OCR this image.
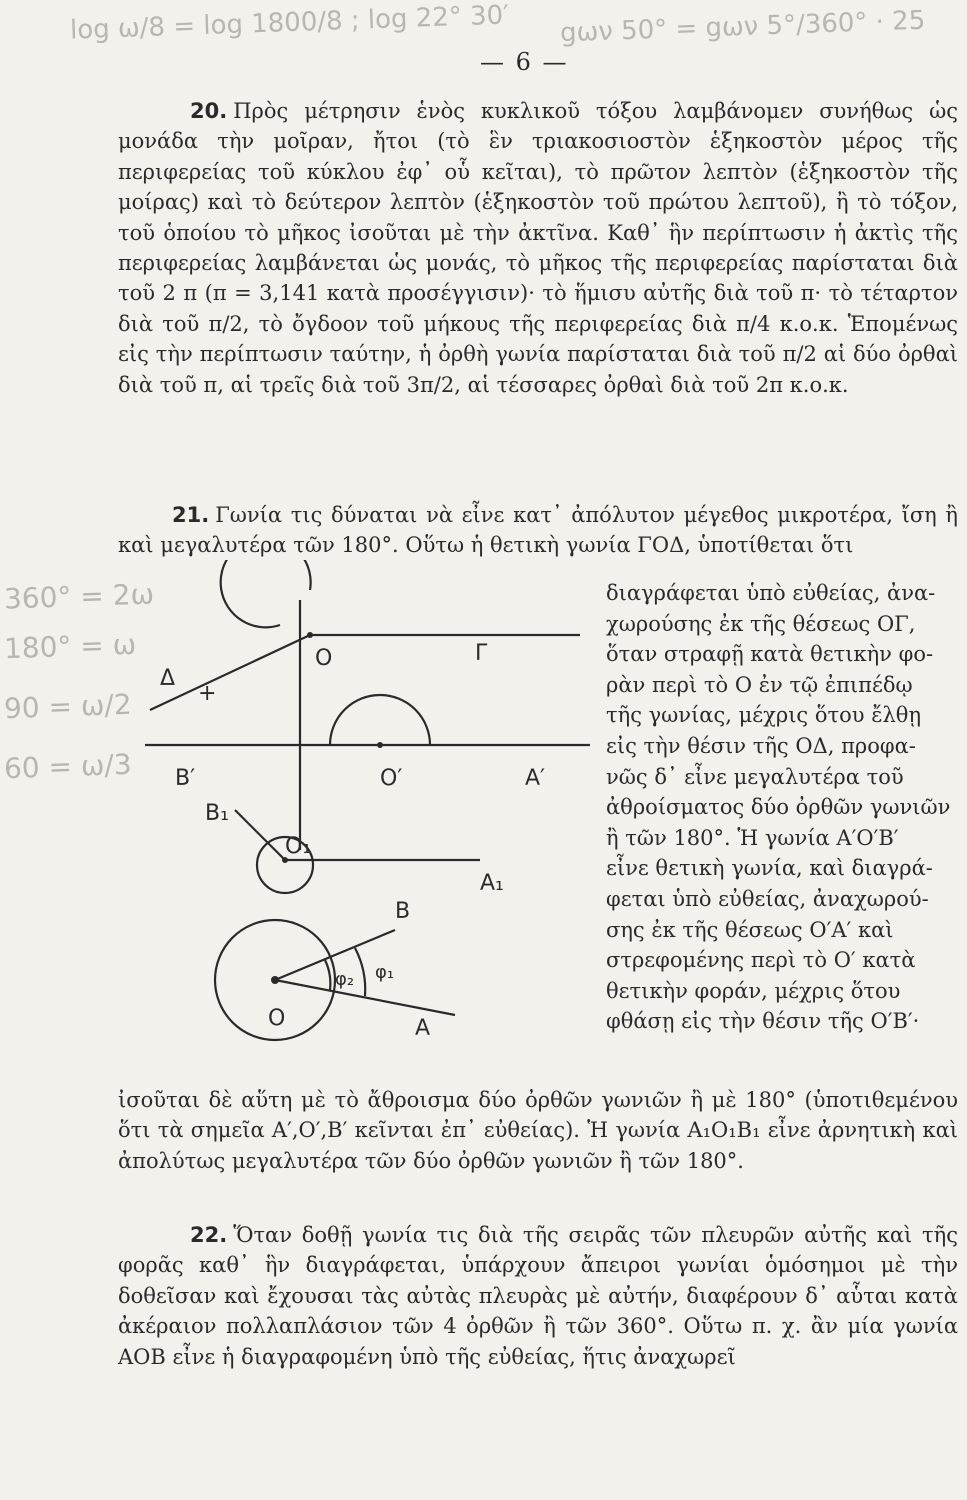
log ω/8 = log 1800/8 ; log 22° 30′ gων 50° = gων 5°/360° · 25
360° = 2ω
180° = ω
90 = ω/2
60 = ω/3
— 6 —
20. Πρὸς μέτρησιν ἑνὸς κυκλικοῦ τόξου λαμβάνομεν συνήθως ὡς μονάδα τὴν μοῖραν, ἤτοι (τὸ ἓν τριακοσιοστὸν ἑξηκοστὸν μέρος τῆς περιφερείας τοῦ κύκλου ἐφ᾽ οὗ κεῖται), τὸ πρῶτον λεπτὸν (ἑξηκοστὸν τῆς μοίρας) καὶ τὸ δεύτερον λεπτὸν (ἑξηκοστὸν τοῦ πρώτου λεπτοῦ), ἢ τὸ τόξον, τοῦ ὁποίου τὸ μῆκος ἰσοῦται μὲ τὴν ἀκτῖνα. Καθ᾽ ἣν περίπτωσιν ἡ ἀκτὶς τῆς περιφερείας λαμβάνεται ὡς μονάς, τὸ μῆκος τῆς περιφερείας παρίσταται διὰ τοῦ 2 π (π = 3,141 κατὰ προσέγγισιν)· τὸ ἥμισυ αὐτῆς διὰ τοῦ π· τὸ τέταρτον διὰ τοῦ π/2, τὸ ὄγδοον τοῦ μήκους τῆς περιφερείας διὰ π/4 κ.ο.κ. Ἑπομένως εἰς τὴν περίπτωσιν ταύτην, ἡ ὀρθὴ γωνία παρίσταται διὰ τοῦ π/2 αἱ δύο ὀρθαὶ διὰ τοῦ π, αἱ τρεῖς διὰ τοῦ 3π/2, αἱ τέσσαρες ὀρθαὶ διὰ τοῦ 2π κ.ο.κ.
21. Γωνία τις δύναται νὰ εἶνε κατ᾽ ἀπόλυτον μέγεθος μικροτέρα, ἴση ἢ καὶ μεγαλυτέρα τῶν 180°. Οὕτω ἡ θετικὴ γωνία ΓΟΔ, ὑποτίθεται ὅτι
O	Γ
Δ
+
Β′	Ο′	Α′
Β₁
Ο₁
Α₁
Β
Ο	Α
φ₂ φ₁
διαγράφεται ὑπὸ εὐθείας, ἀνα-
χωρούσης ἐκ τῆς θέσεως ΟΓ,
ὅταν στραφῇ κατὰ θετικὴν φο-
ρὰν περὶ τὸ Ο ἐν τῷ ἐπιπέδῳ
τῆς γωνίας, μέχρις ὅτου ἔλθῃ
εἰς τὴν θέσιν τῆς ΟΔ, προφα-
νῶς δ᾽ εἶνε μεγαλυτέρα τοῦ
ἀθροίσματος δύο ὀρθῶν γωνιῶν
ἢ τῶν 180°. Ἡ γωνία Α′Ο′Β′
εἶνε θετικὴ γωνία, καὶ διαγρά-
φεται ὑπὸ εὐθείας, ἀναχωρού-
σης ἐκ τῆς θέσεως Ο′Α′ καὶ
στρεφομένης περὶ τὸ Ο′ κατὰ
θετικὴν φοράν, μέχρις ὅτου
φθάσῃ εἰς τὴν θέσιν τῆς Ο′Β′·
ἰσοῦται δὲ αὕτη μὲ τὸ ἄθροισμα δύο ὀρθῶν γωνιῶν ἢ μὲ 180° (ὑποτιθεμένου ὅτι τὰ σημεῖα Α′,Ο′,Β′ κεῖνται ἐπ᾽ εὐθείας). Ἡ γωνία Α₁Ο₁Β₁ εἶνε ἀρνητικὴ καὶ ἀπολύτως μεγαλυτέρα τῶν δύο ὀρθῶν γωνιῶν ἢ τῶν 180°.
22. Ὅταν δοθῇ γωνία τις διὰ τῆς σειρᾶς τῶν πλευρῶν αὐτῆς καὶ τῆς φορᾶς καθ᾽ ἣν διαγράφεται, ὑπάρχουν ἄπειροι γωνίαι ὁμόσημοι μὲ τὴν δοθεῖσαν καὶ ἔχουσαι τὰς αὐτὰς πλευρὰς μὲ αὐτήν, διαφέρουν δ᾽ αὗται κατὰ ἀκέραιον πολλαπλάσιον τῶν 4 ὀρθῶν ἢ τῶν 360°. Οὕτω π. χ. ἂν μία γωνία ΑΟΒ εἶνε ἡ διαγραφομένη ὑπὸ τῆς εὐθείας, ἥτις ἀναχωρεῖ
